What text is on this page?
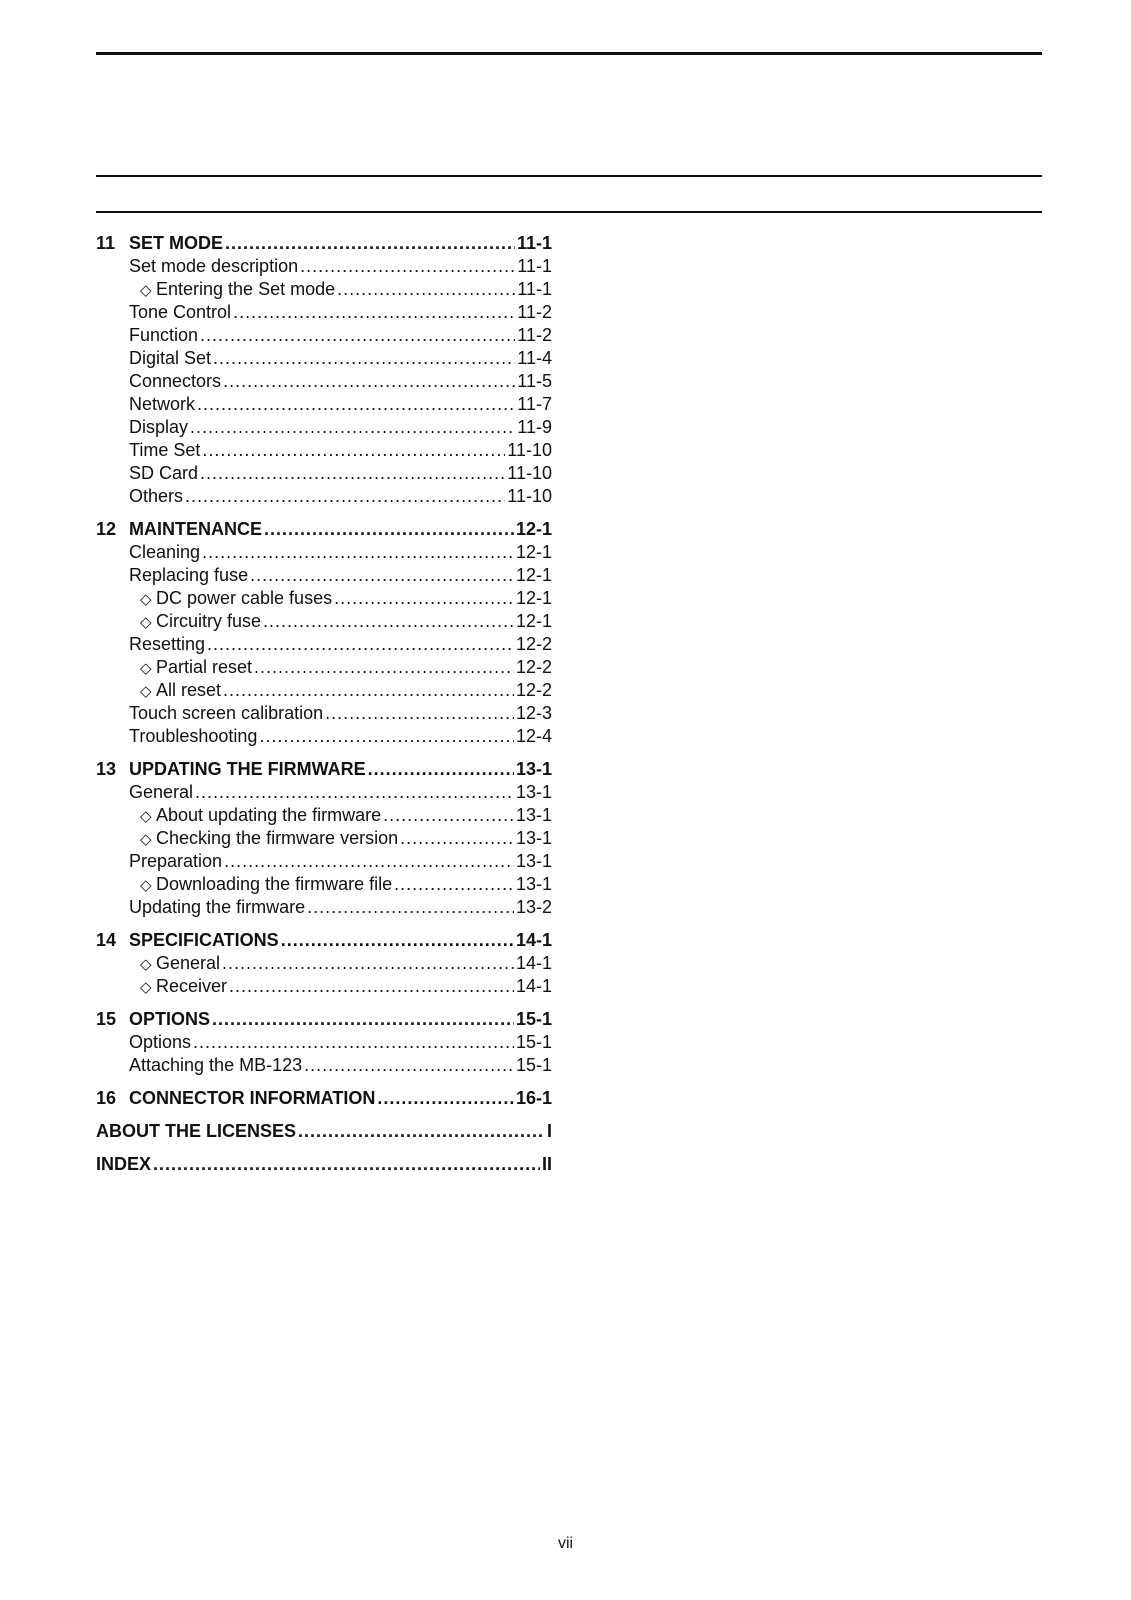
11 SET MODE .....	11-1
Set mode description .....	11-1
◇ Entering the Set mode .....	11-1
Tone Control .....	11-2
Function .....	11-2
Digital Set .....	11-4
Connectors .....	11-5
Network .....	11-7
Display .....	11-9
Time Set .....	11-10
SD Card .....	11-10
Others .....	11-10
12 MAINTENANCE .....	12-1
Cleaning .....	12-1
Replacing fuse .....	12-1
◇ DC power cable fuses .....	12-1
◇ Circuitry fuse .....	12-1
Resetting .....	12-2
◇ Partial reset .....	12-2
◇ All reset .....	12-2
Touch screen calibration .....	12-3
Troubleshooting .....	12-4
13 UPDATING THE FIRMWARE .....	13-1
General .....	13-1
◇ About updating the firmware .....	13-1
◇ Checking the firmware version .....	13-1
Preparation .....	13-1
◇ Downloading the firmware file .....	13-1
Updating the firmware .....	13-2
14 SPECIFICATIONS .....	14-1
◇ General .....	14-1
◇ Receiver .....	14-1
15 OPTIONS .....	15-1
Options .....	15-1
Attaching the MB-123 .....	15-1
16 CONNECTOR INFORMATION .....	16-1
ABOUT THE LICENSES .....	I
INDEX .....	II
vii
